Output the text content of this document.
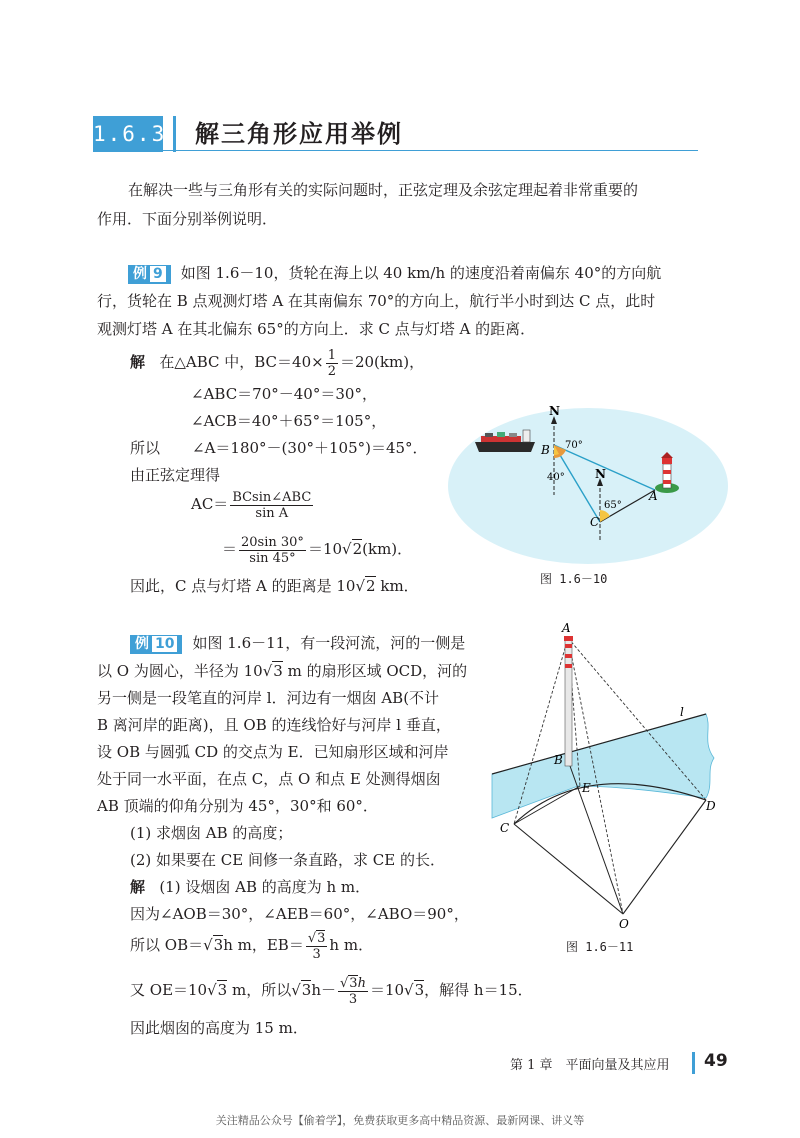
1.6.3 解三角形应用举例
在解决一些与三角形有关的实际问题时，正弦定理及余弦定理起着非常重要的
作用．下面分别举例说明．
例 9 如图 1.6－10，货轮在海上以 40 km/h 的速度沿着南偏东 40°的方向航
行，货轮在 B 点观测灯塔 A 在其南偏东 70°的方向上，航行半小时到达 C 点，此时
观测灯塔 A 在其北偏东 65°的方向上．求 C 点与灯塔 A 的距离．
解 在△ABC 中，$BC=40\times \frac{1}{2} =20(km)$，
∠ABC＝70°－40°＝30°，
∠ACB＝40°＋65°＝105°，
所以 ∠A＝180°－(30°＋105°)＝45°．
由正弦定理得
$AC= \frac{\text{BCsin∠ABC}}{\text{sin A}}$
＝ $\frac{20\sin 30^\circ}{\sin 45^\circ} =10√2(km)$．
因此，C 点与灯塔 A 的距离是 10√2 km．
N
N
B
A
C
70°
40°
65°
图 1.6－10
例 10 如图 1.6－11，有一段河流，河的一侧是
以 O 为圆心，半径为 10√3 m 的扇形区域 OCD，河的
另一侧是一段笔直的河岸 l．河边有一烟囱 AB(不计
B 离河岸的距离)，且 OB 的连线恰好与河岸 l 垂直，
设 OB 与圆弧 CD 的交点为 E．已知扇形区域和河岸
处于同一水平面，在点 C，点 O 和点 E 处测得烟囱
AB 顶端的仰角分别为 45°，30°和 60°．
(1) 求烟囱 AB 的高度；
(2) 如果要在 CE 间修一条直路，求 CE 的长．
解 (1) 设烟囱 AB 的高度为 h m．
因为∠AOB＝30°，∠AEB＝60°，∠ABO＝90°，
所以 OB＝√3h m，$EB= \frac{√3}{3}$ h m．
又 OE＝10√3 m，所以$√3h- \frac{√3h}{3} =10√3$，解得 h＝15．
因此烟囱的高度为 15 m．
A
B
C
D
E
O
l
图 1.6－11
第 1 章　平面向量及其应用 49
关注精品公众号【偷着学】，免费获取更多高中精品资源、最新网课、讲义等
